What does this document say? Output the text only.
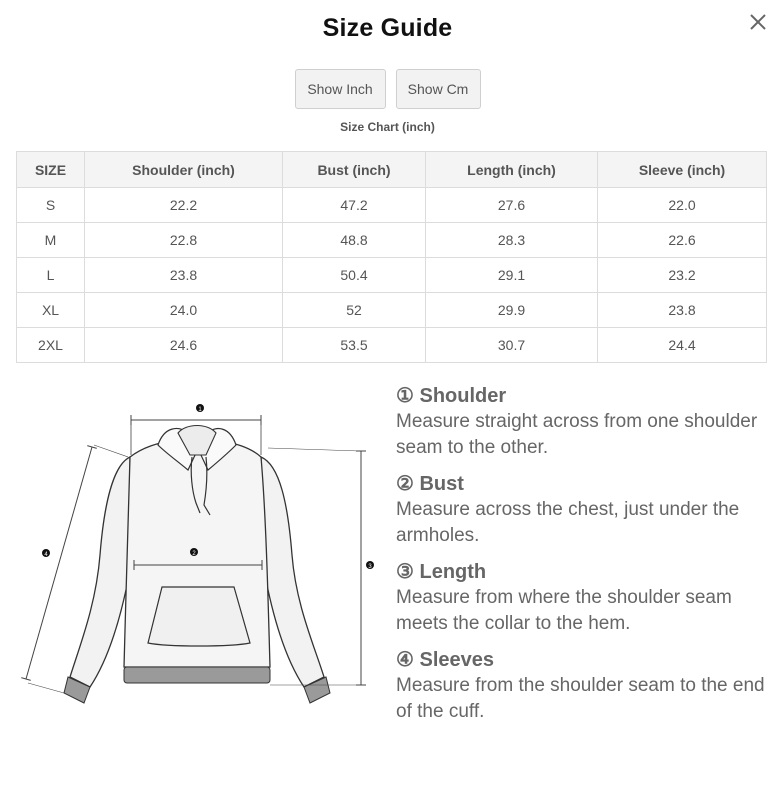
Size Guide
Show Inch	Show Cm
Size Chart (inch)
SIZE	Shoulder (inch)	Bust (inch)	Length (inch)	Sleeve (inch)
S	22.2	47.2	27.6	22.0
M	22.8	48.8	28.3	22.6
L	23.8	50.4	29.1	23.2
XL	24.0	52	29.9	23.8
2XL	24.6	53.5	30.7	24.4
1
2
3
4
① Shoulder
Measure straight across from one shoulder seam to the other.
② Bust
Measure across the chest, just under the armholes.
③ Length
Measure from where the shoulder seam meets the collar to the hem.
④ Sleeves
Measure from the shoulder seam to the end of the cuff.
